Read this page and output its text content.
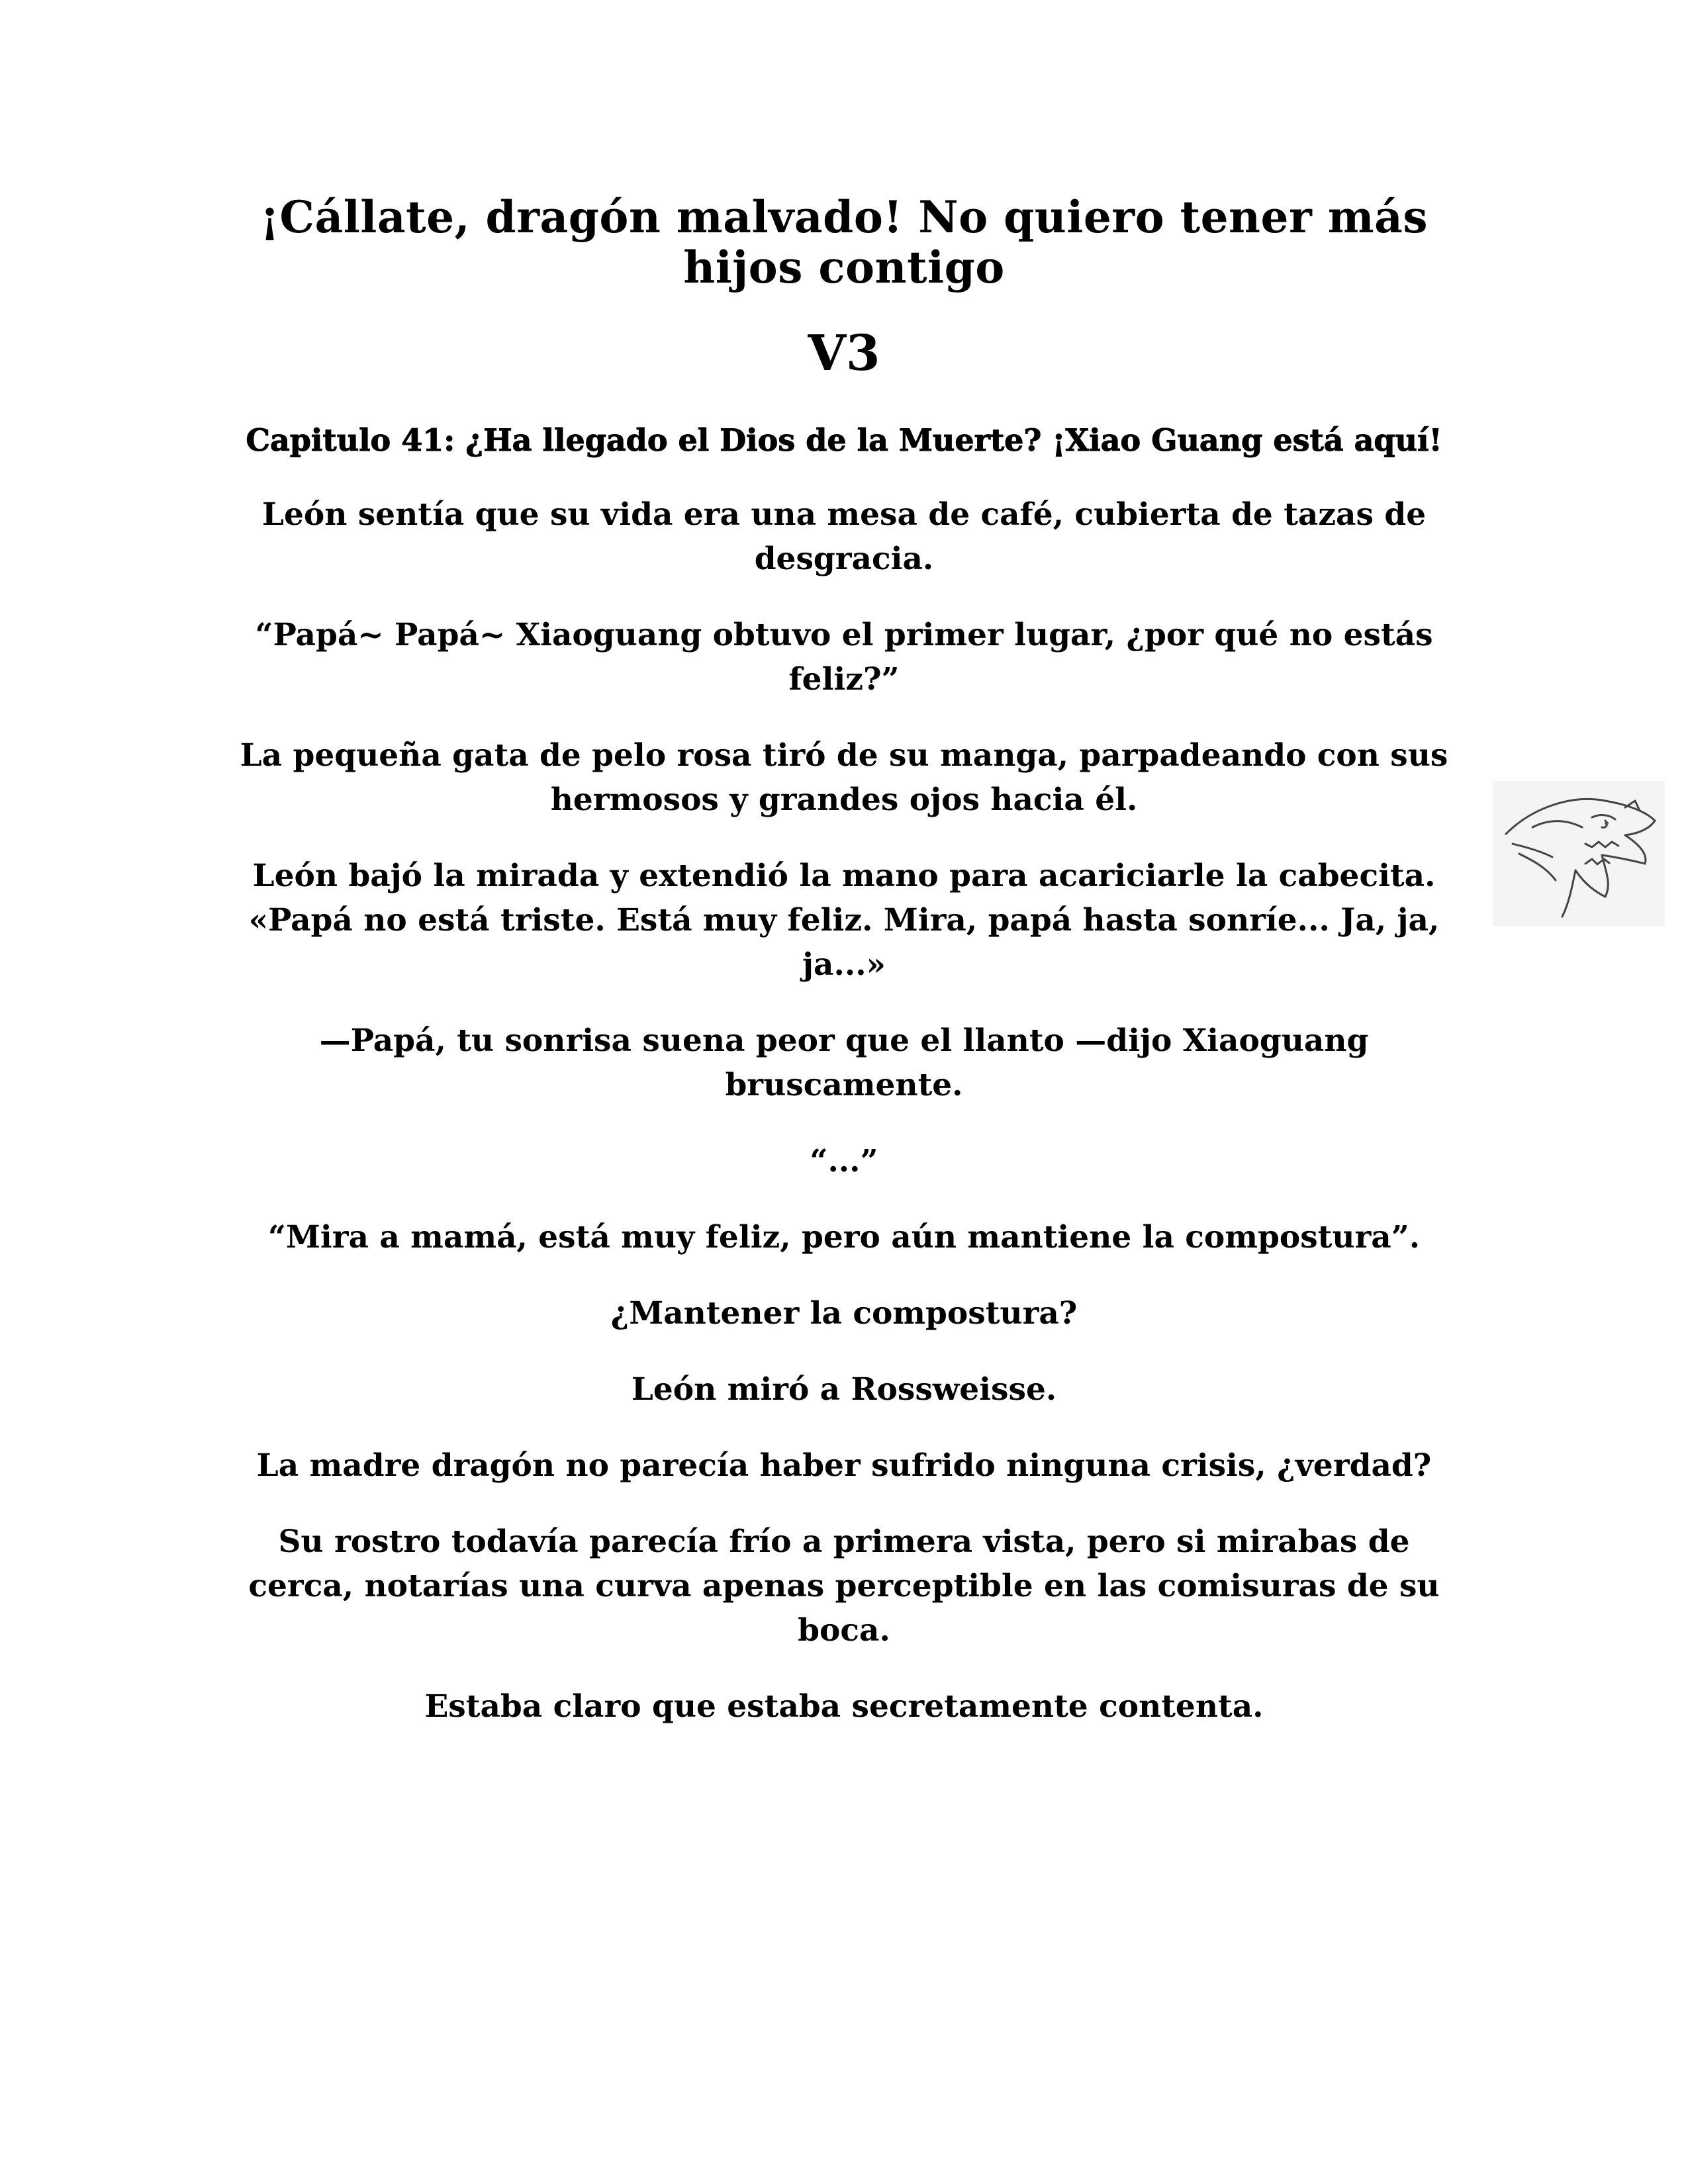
¡Cállate, dragón malvado! No quiero tener más hijos contigo
V3
Capitulo 41: ¿Ha llegado el Dios de la Muerte? ¡Xiao Guang está aquí!

León sentía que su vida era una mesa de café, cubierta de tazas de desgracia.

“Papá~ Papá~ Xiaoguang obtuvo el primer lugar, ¿por qué no estás feliz?”

La pequeña gata de pelo rosa tiró de su manga, parpadeando con sus hermosos y grandes ojos hacia él.

León bajó la mirada y extendió la mano para acariciarle la cabecita. «Papá no está triste. Está muy feliz. Mira, papá hasta sonríe... Ja, ja, ja...»

—Papá, tu sonrisa suena peor que el llanto —dijo Xiaoguang bruscamente.

“...”

“Mira a mamá, está muy feliz, pero aún mantiene la compostura”.

¿Mantener la compostura?

León miró a Rossweisse.

La madre dragón no parecía haber sufrido ninguna crisis, ¿verdad?

Su rostro todavía parecía frío a primera vista, pero si mirabas de cerca, notarías una curva apenas perceptible en las comisuras de su boca.

Estaba claro que estaba secretamente contenta.
